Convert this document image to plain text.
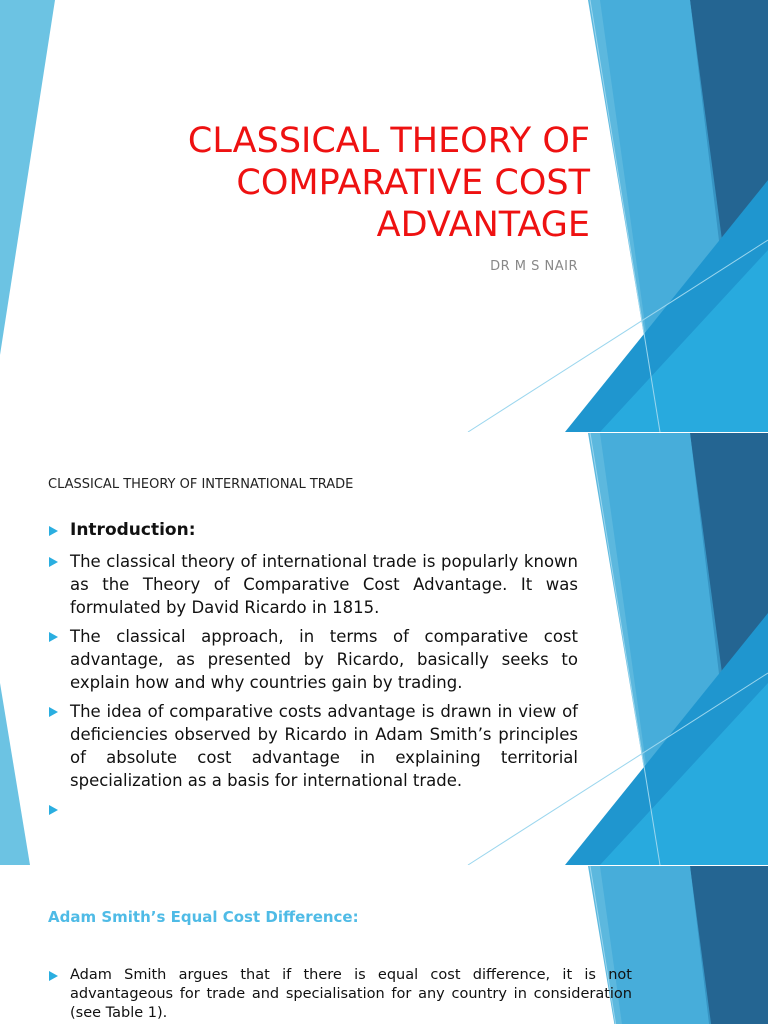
CLASSICAL THEORY OF COMPARATIVE COST ADVANTAGE
DR M S NAIR
CLASSICAL THEORY OF INTERNATIONAL TRADE
Introduction:
The classical theory of international trade is popularly known as the Theory of Comparative Cost Advantage. It was formulated by David Ricardo in 1815.
The classical approach, in terms of comparative cost advantage, as presented by Ricardo, basically seeks to explain how and why countries gain by trading.
The idea of comparative costs advantage is drawn in view of deficiencies observed by Ricardo in Adam Smith’s principles of absolute cost advantage in explaining territorial specialization as a basis for international trade.
Adam Smith’s Equal Cost Difference:
Adam Smith argues that if there is equal cost difference, it is not advantageous for trade and specialisation for any country in consideration (see Table 1).
